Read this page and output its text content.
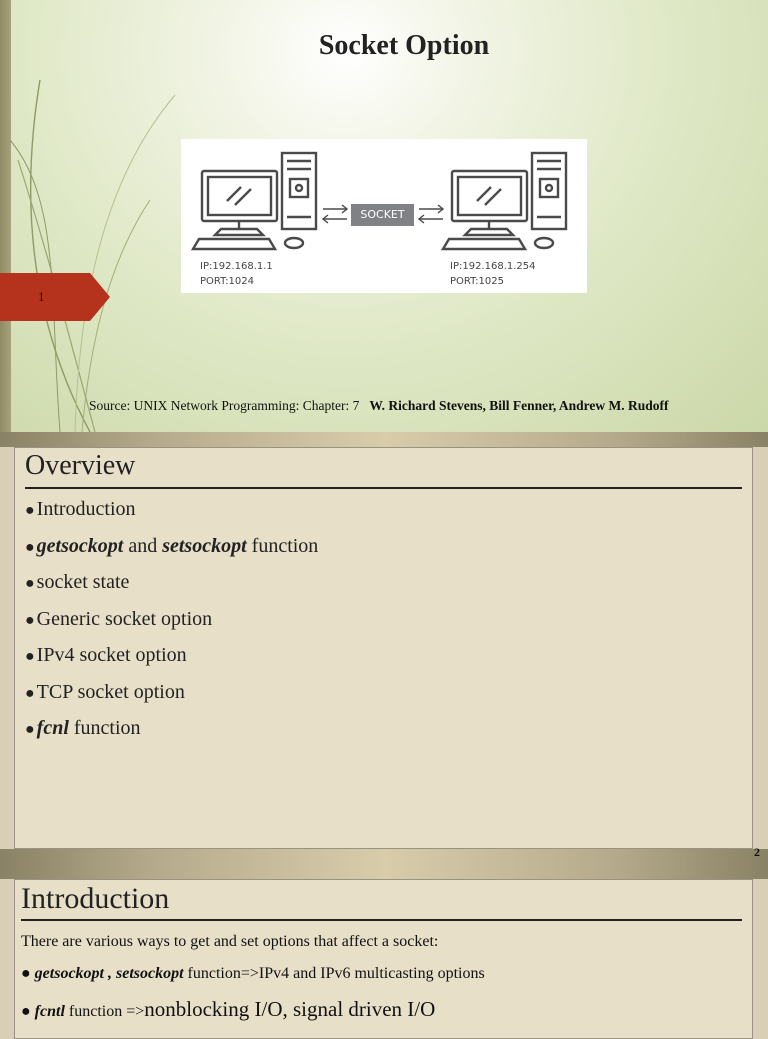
Socket Option
1
SOCKET
IP:192.168.1.1
PORT:1024
IP:192.168.1.254
PORT:1025
Source: UNIX Network Programming: Chapter: 7 W. Richard Stevens, Bill Fenner, Andrew M. Rudoff
Overview
● Introduction
● getsockopt and setsockopt function
● socket state
● Generic socket option
● IPv4 socket option
● TCP socket option
● fcnl function
2
Introduction
There are various ways to get and set options that affect a socket:
● getsockopt , setsockopt function=>IPv4 and IPv6 multicasting options
● fcntl function =>nonblocking I/O, signal driven I/O
